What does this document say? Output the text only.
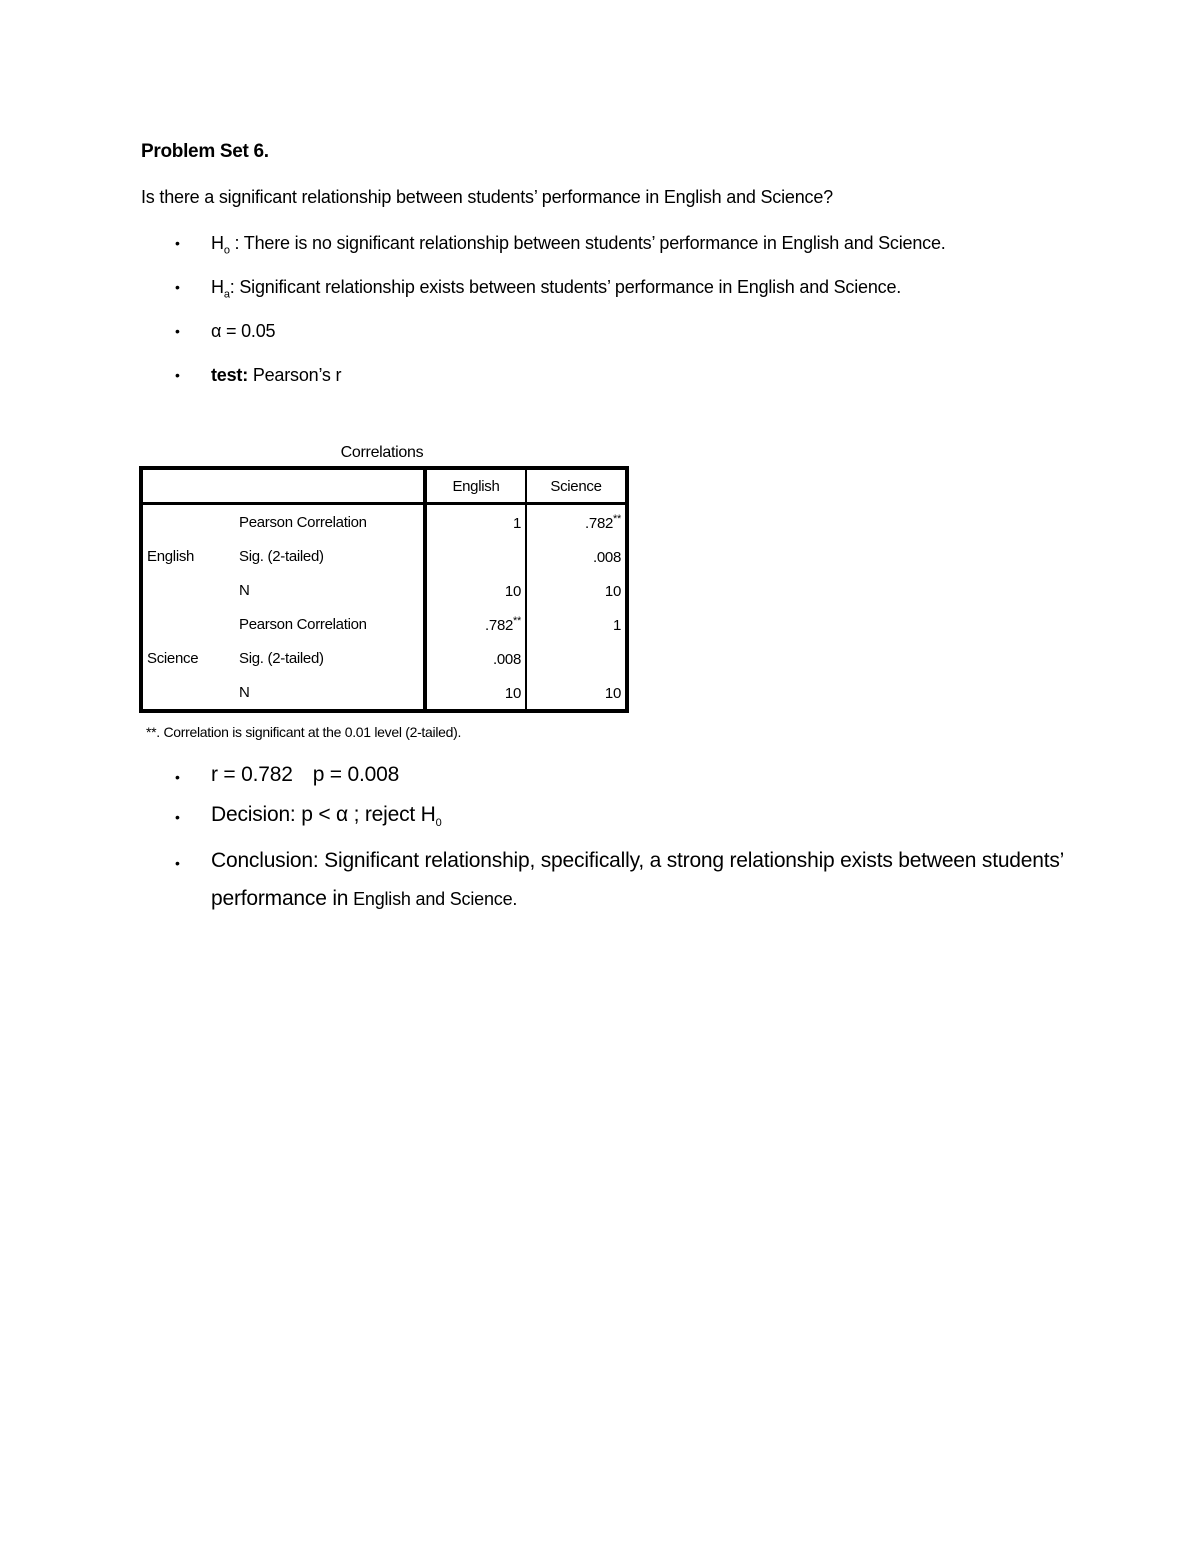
Problem Set 6.
Is there a significant relationship between students’ performance in English and Science?
• $H_o$ : There is no significant relationship between students’ performance in English and Science.
• $H_a$: Significant relationship exists between students’ performance in English and Science.
• α = 0.05
• test: Pearson’s r
Correlations
		English	Science
English	Pearson Correlation	1	.782**
	Sig. (2-tailed)		.008
	N	10	10
Science	Pearson Correlation	.782**	1
	Sig. (2-tailed)	.008	
	N	10	10
**. Correlation is significant at the 0.01 level (2-tailed).
• r = 0.782 p = 0.008
• Decision: p < α ; reject $H_0$
• Conclusion: Significant relationship, specifically, a strong relationship exists between students’ performance in English and Science.
